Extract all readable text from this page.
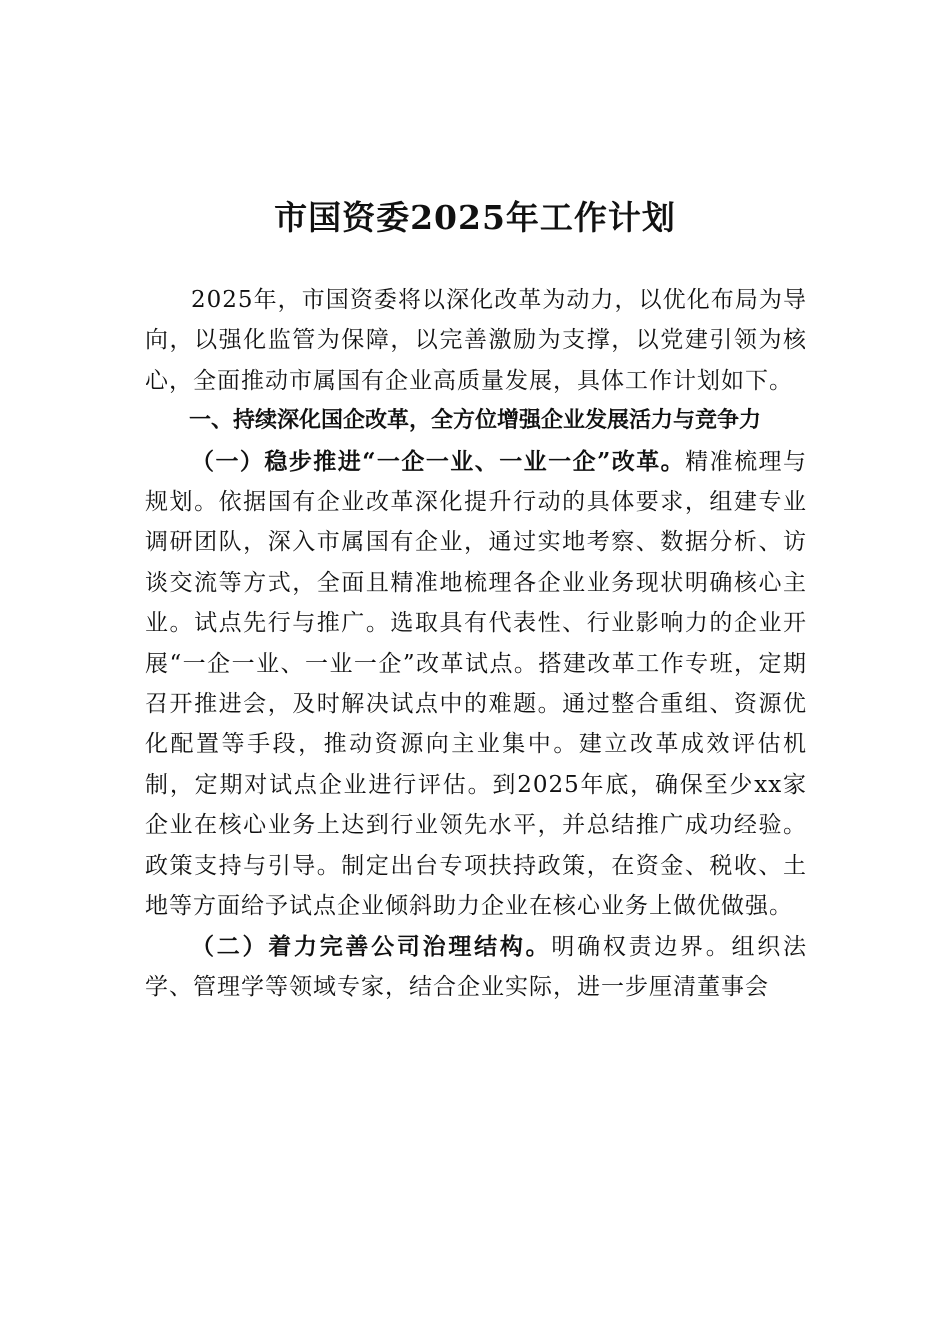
市国资委2025年工作计划

2025年，市国资委将以深化改革为动力，以优化布局为导向，以强化监管为保障，以完善激励为支撑，以党建引领为核心，全面推动市属国有企业高质量发展，具体工作计划如下。

一、持续深化国企改革，全方位增强企业发展活力与竞争力

（一）稳步推进“一企一业、一业一企”改革。精准梳理与规划。依据国有企业改革深化提升行动的具体要求，组建专业调研团队，深入市属国有企业，通过实地考察、数据分析、访谈交流等方式，全面且精准地梳理各企业业务现状明确核心主业。试点先行与推广。选取具有代表性、行业影响力的企业开展“一企一业、一业一企”改革试点。搭建改革工作专班，定期召开推进会，及时解决试点中的难题。通过整合重组、资源优化配置等手段，推动资源向主业集中。建立改革成效评估机制，定期对试点企业进行评估。到2025年底，确保至少xx家企业在核心业务上达到行业领先水平，并总结推广成功经验。政策支持与引导。制定出台专项扶持政策，在资金、税收、土地等方面给予试点企业倾斜助力企业在核心业务上做优做强。

（二）着力完善公司治理结构。明确权责边界。组织法学、管理学等领域专家，结合企业实际，进一步厘清董事会
